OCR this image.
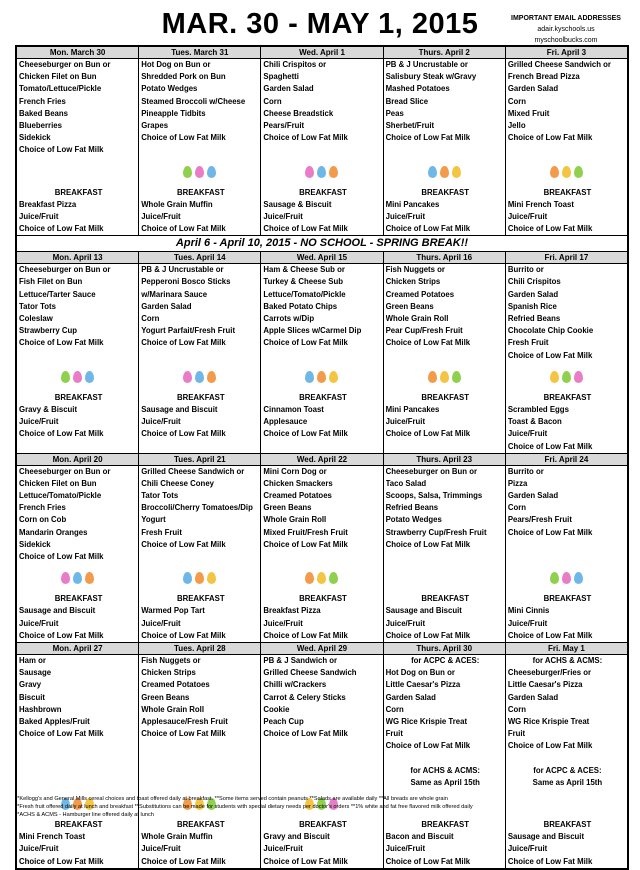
MAR. 30 - MAY 1, 2015	IMPORTANT EMAIL ADDRESSES
adair.kyschools.us
myschoolbucks.com
Mon. March 30
Cheeseburger on Bun or
Chicken Filet on Bun
Tomato/Lettuce/Pickle
French Fries
Baked Beans
Blueberries
Sidekick
Choice of Low Fat Milk
BREAKFAST
Breakfast Pizza
Juice/Fruit
Choice of Low Fat Milk
Tues. March 31
Hot Dog on Bun or
Shredded Pork on Bun
Potato Wedges
Steamed Broccoli w/Cheese
Pineapple Tidbits
Grapes
Choice of Low Fat Milk
BREAKFAST
Whole Grain Muffin
Juice/Fruit
Choice of Low Fat Milk
Wed. April 1
Chili Crispitos or
Spaghetti
Garden Salad
Corn
Cheese Breadstick
Pears/Fruit
Choice of Low Fat Milk
BREAKFAST
Sausage & Biscuit
Juice/Fruit
Choice of Low Fat Milk
Thurs. April 2
PB & J Uncrustable or
Salisbury Steak w/Gravy
Mashed Potatoes
Bread Slice
Peas
Sherbet/Fruit
Choice of Low Fat Milk
BREAKFAST
Mini Pancakes
Juice/Fruit
Choice of Low Fat Milk
Fri. April 3
Grilled Cheese Sandwich or
French Bread Pizza
Garden Salad
Corn
Mixed Fruit
Jello
Choice of Low Fat Milk
BREAKFAST
Mini French Toast
Juice/Fruit
Choice of Low Fat Milk
April 6 - April 10, 2015 - NO SCHOOL - SPRING BREAK!!
Mon. April 13
Cheeseburger on Bun or
Fish Filet on Bun
Lettuce/Tarter Sauce
Tator Tots
Coleslaw
Strawberry Cup
Choice of Low Fat Milk
BREAKFAST
Gravy & Biscuit
Juice/Fruit
Choice of Low Fat Milk
Tues. April 14
PB & J Uncrustable or
Pepperoni Bosco Sticks
w/Marinara Sauce
Garden Salad
Corn
Yogurt Parfait/Fresh Fruit
Choice of Low Fat Milk
BREAKFAST
Sausage and Biscuit
Juice/Fruit
Choice of Low Fat Milk
Wed. April 15
Ham & Cheese Sub or
Turkey & Cheese Sub
Lettuce/Tomato/Pickle
Baked Potato Chips
Carrots w/Dip
Apple Slices w/Carmel Dip
Choice of Low Fat Milk
BREAKFAST
Cinnamon Toast
Applesauce
Choice of Low Fat Milk
Thurs. April 16
Fish Nuggets or
Chicken Strips
Creamed Potatoes
Green Beans
Whole Grain Roll
Pear Cup/Fresh Fruit
Choice of Low Fat Milk
BREAKFAST
Mini Pancakes
Juice/Fruit
Choice of Low Fat Milk
Fri. April 17
Burrito or
Chili Crispitos
Garden Salad
Spanish Rice
Refried Beans
Chocolate Chip Cookie
Fresh Fruit
Choice of Low Fat Milk
BREAKFAST
Scrambled Eggs
Toast & Bacon
Juice/Fruit
Choice of Low Fat Milk
Mon. April 20
Cheeseburger on Bun or
Chicken Filet on Bun
Lettuce/Tomato/Pickle
French Fries
Corn on Cob
Mandarin Oranges
Sidekick
Choice of Low Fat Milk
BREAKFAST
Sausage and Biscuit
Juice/Fruit
Choice of Low Fat Milk
Tues. April 21
Grilled Cheese Sandwich or
Chili Cheese Coney
Tator Tots
Broccoli/Cherry Tomatoes/Dip
Yogurt
Fresh Fruit
Choice of Low Fat Milk
BREAKFAST
Warmed Pop Tart
Juice/Fruit
Choice of Low Fat Milk
Wed. April 22
Mini Corn Dog or
Chicken Smackers
Creamed Potatoes
Green Beans
Whole Grain Roll
Mixed Fruit/Fresh Fruit
Choice of Low Fat Milk
BREAKFAST
Breakfast Pizza
Juice/Fruit
Choice of Low Fat Milk
Thurs. April 23
Cheeseburger on Bun or
Taco Salad
Scoops, Salsa, Trimmings
Refried Beans
Potato Wedges
Strawberry Cup/Fresh Fruit
Choice of Low Fat Milk
BREAKFAST
Sausage and Biscuit
Juice/Fruit
Choice of Low Fat Milk
Fri. April 24
Burrito or
Pizza
Garden Salad
Corn
Pears/Fresh Fruit
Choice of Low Fat Milk
BREAKFAST
Mini Cinnis
Juice/Fruit
Choice of Low Fat Milk
Mon. April 27
Ham or
Sausage
Gravy
Biscuit
Hashbrown
Baked Apples/Fruit
Choice of Low Fat Milk
BREAKFAST
Mini French Toast
Juice/Fruit
Choice of Low Fat Milk
Tues. April 28
Fish Nuggets or
Chicken Strips
Creamed Potatoes
Green Beans
Whole Grain Roll
Applesauce/Fresh Fruit
Choice of Low Fat Milk
BREAKFAST
Whole Grain Muffin
Juice/Fruit
Choice of Low Fat Milk
Wed. April 29
PB & J Sandwich or
Grilled Cheese Sandwich
Chilli w/Crackers
Carrot & Celery Sticks
Cookie
Peach Cup
Choice of Low Fat Milk
BREAKFAST
Gravy and Biscuit
Juice/Fruit
Choice of Low Fat Milk
Thurs. April 30
for ACPC & ACES:
Hot Dog on Bun or
Little Caesar's Pizza
Garden Salad
Corn
WG Rice Krispie Treat
Fruit
Choice of Low Fat Milk
for ACHS & ACMS:
Same as April 15th
BREAKFAST
Bacon and Biscuit
Juice/Fruit
Choice of Low Fat Milk
Fri. May 1
for ACHS & ACMS:
Cheeseburger/Fries or
Little Caesar's Pizza
Garden Salad
Corn
WG Rice Krispie Treat
Fruit
Choice of Low Fat Milk
for ACPC & ACES:
Same as April 15th
BREAKFAST
Sausage and Biscuit
Juice/Fruit
Choice of Low Fat Milk
**Kellogg's and General Mills cereal choices and toast offered daily at breakfast. **Some items served contain peanuts **Salads are available daily **All breads are whole grain
**Fresh fruit offered daily at lunch and breakfast **Substitutions can be made for students with special dietary needs per doctor's orders **1% white and fat free flavored milk offered daily
**ACHS & ACMS - Hamburger line offered daily at lunch
